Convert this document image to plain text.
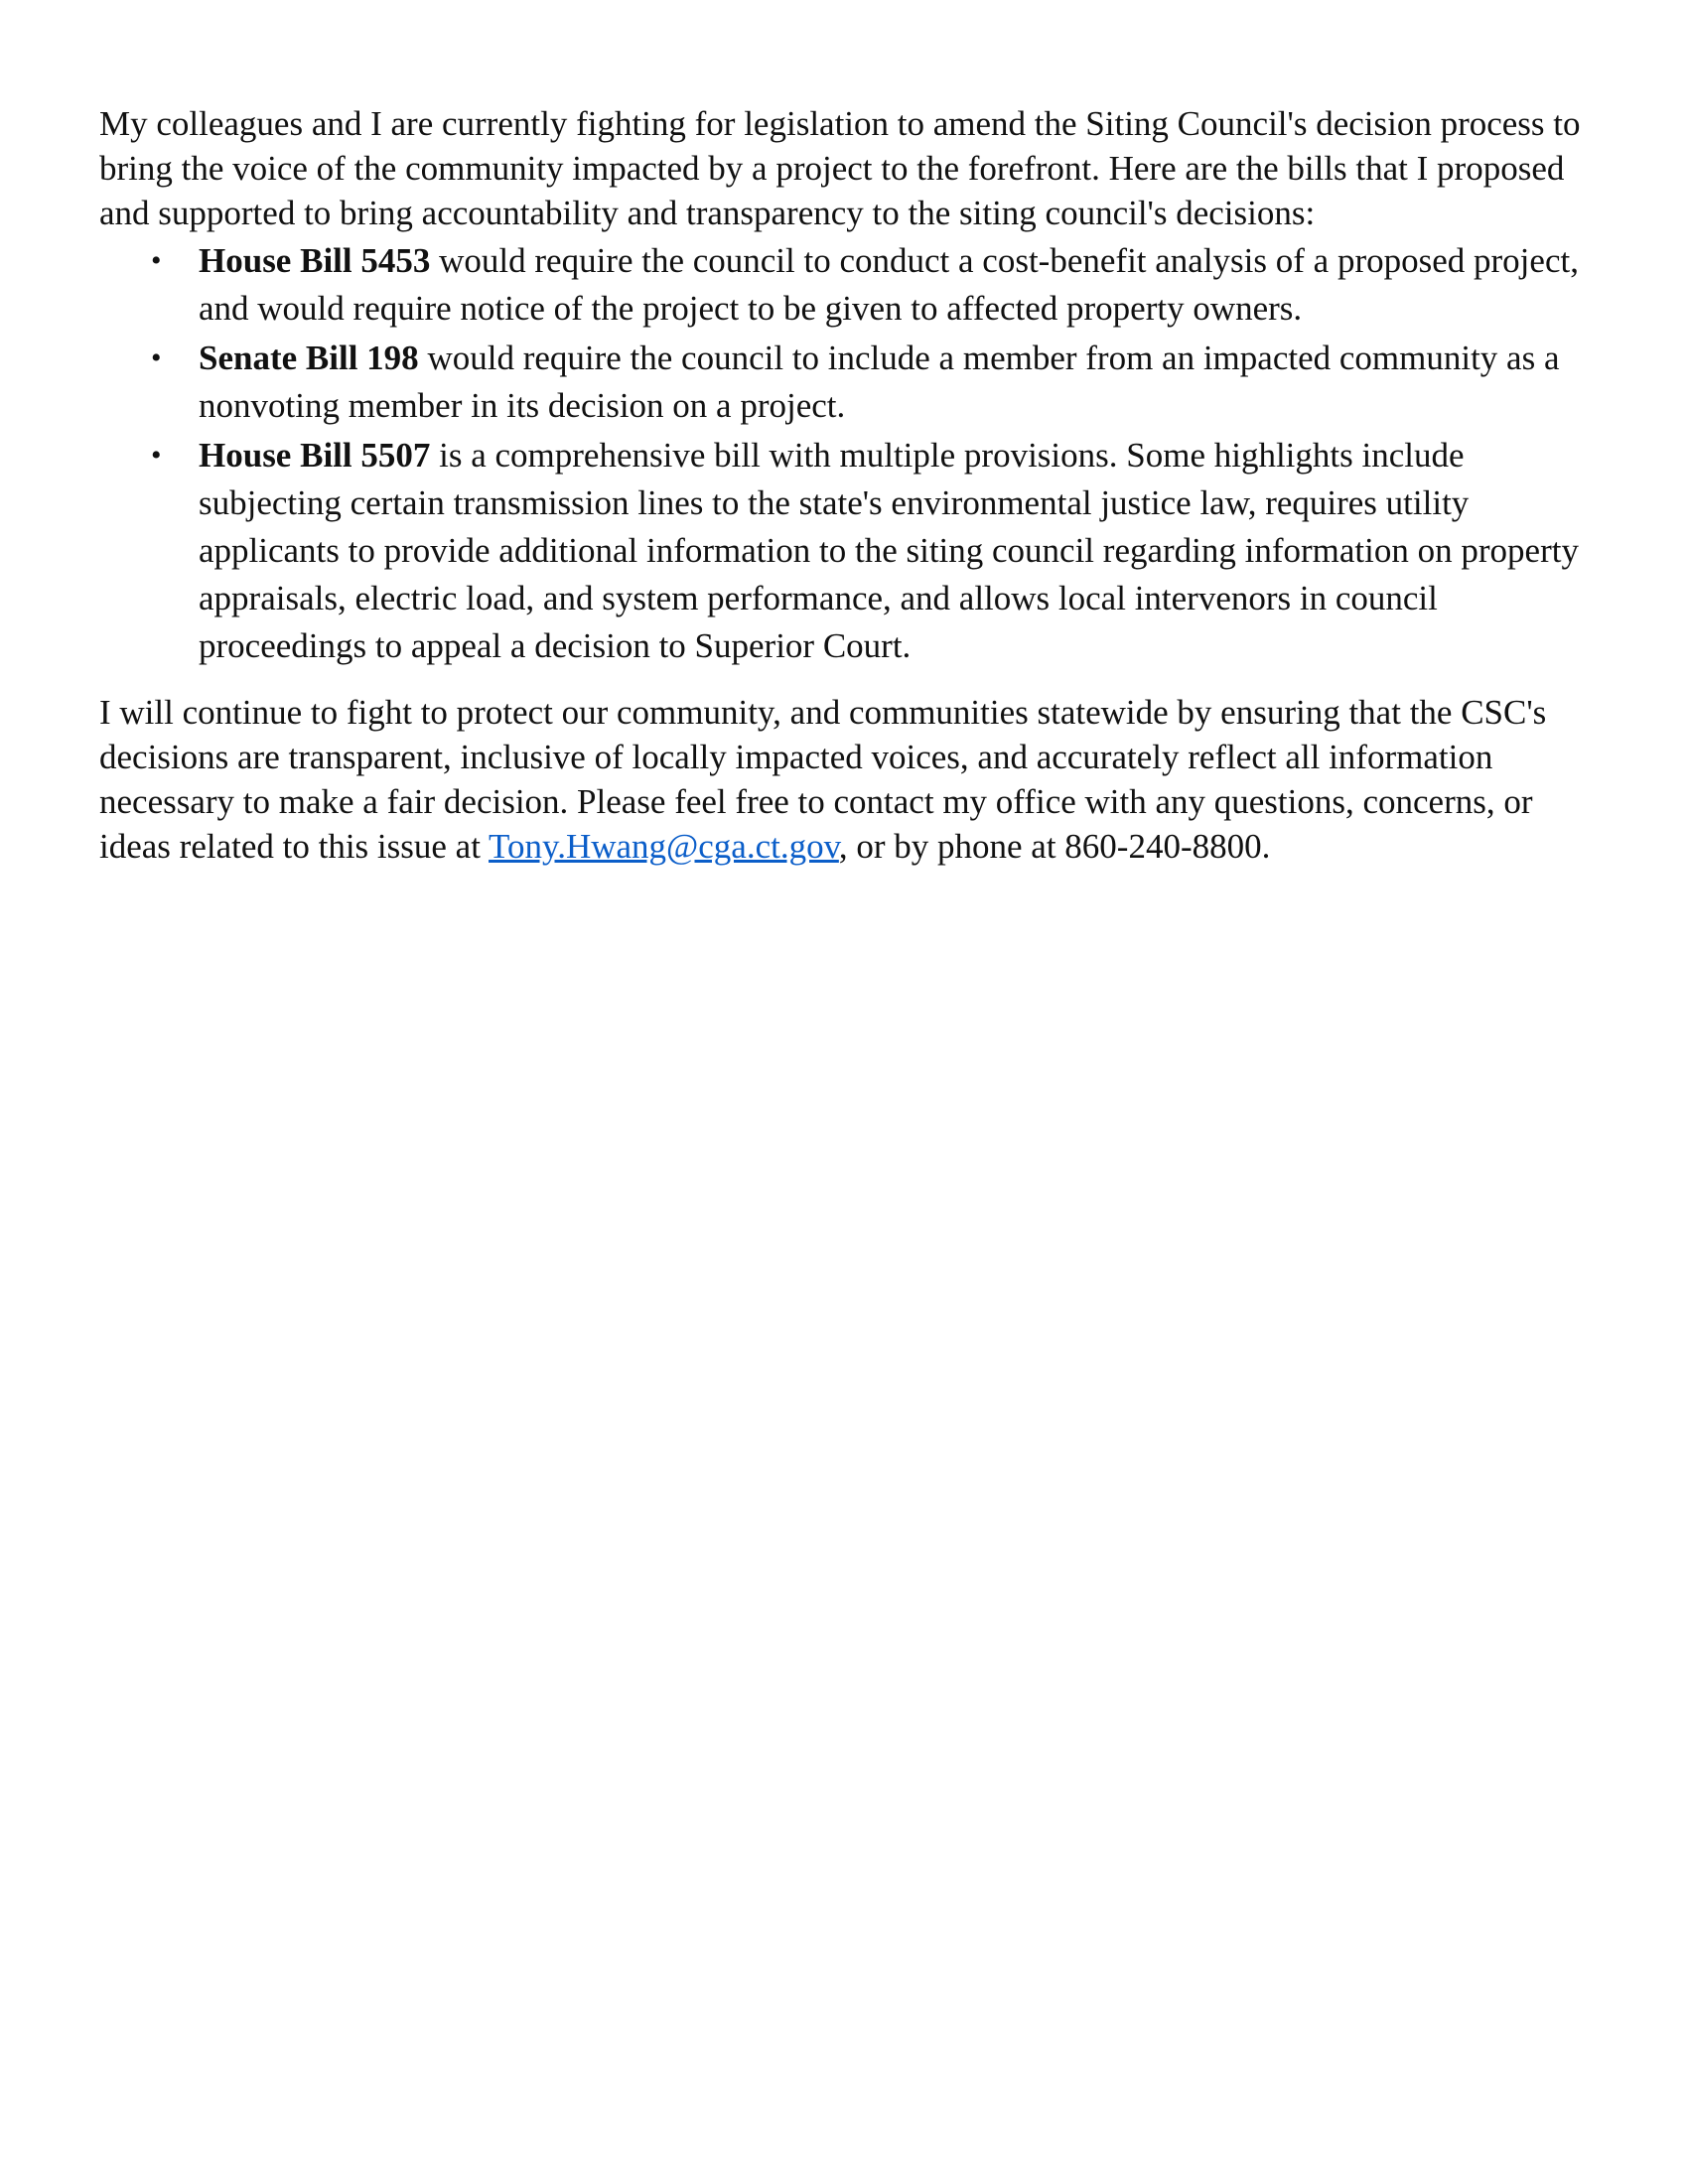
My colleagues and I are currently fighting for legislation to amend the Siting Council's decision process to bring the voice of the community impacted by a project to the forefront. Here are the bills that I proposed and supported to bring accountability and transparency to the siting council's decisions:

• House Bill 5453 would require the council to conduct a cost-benefit analysis of a proposed project, and would require notice of the project to be given to affected property owners.
• Senate Bill 198 would require the council to include a member from an impacted community as a nonvoting member in its decision on a project.
• House Bill 5507 is a comprehensive bill with multiple provisions. Some highlights include subjecting certain transmission lines to the state's environmental justice law, requires utility applicants to provide additional information to the siting council regarding information on property appraisals, electric load, and system performance, and allows local intervenors in council proceedings to appeal a decision to Superior Court.

I will continue to fight to protect our community, and communities statewide by ensuring that the CSC's decisions are transparent, inclusive of locally impacted voices, and accurately reflect all information necessary to make a fair decision. Please feel free to contact my office with any questions, concerns, or ideas related to this issue at Tony.Hwang@cga.ct.gov, or by phone at 860-240-8800.
